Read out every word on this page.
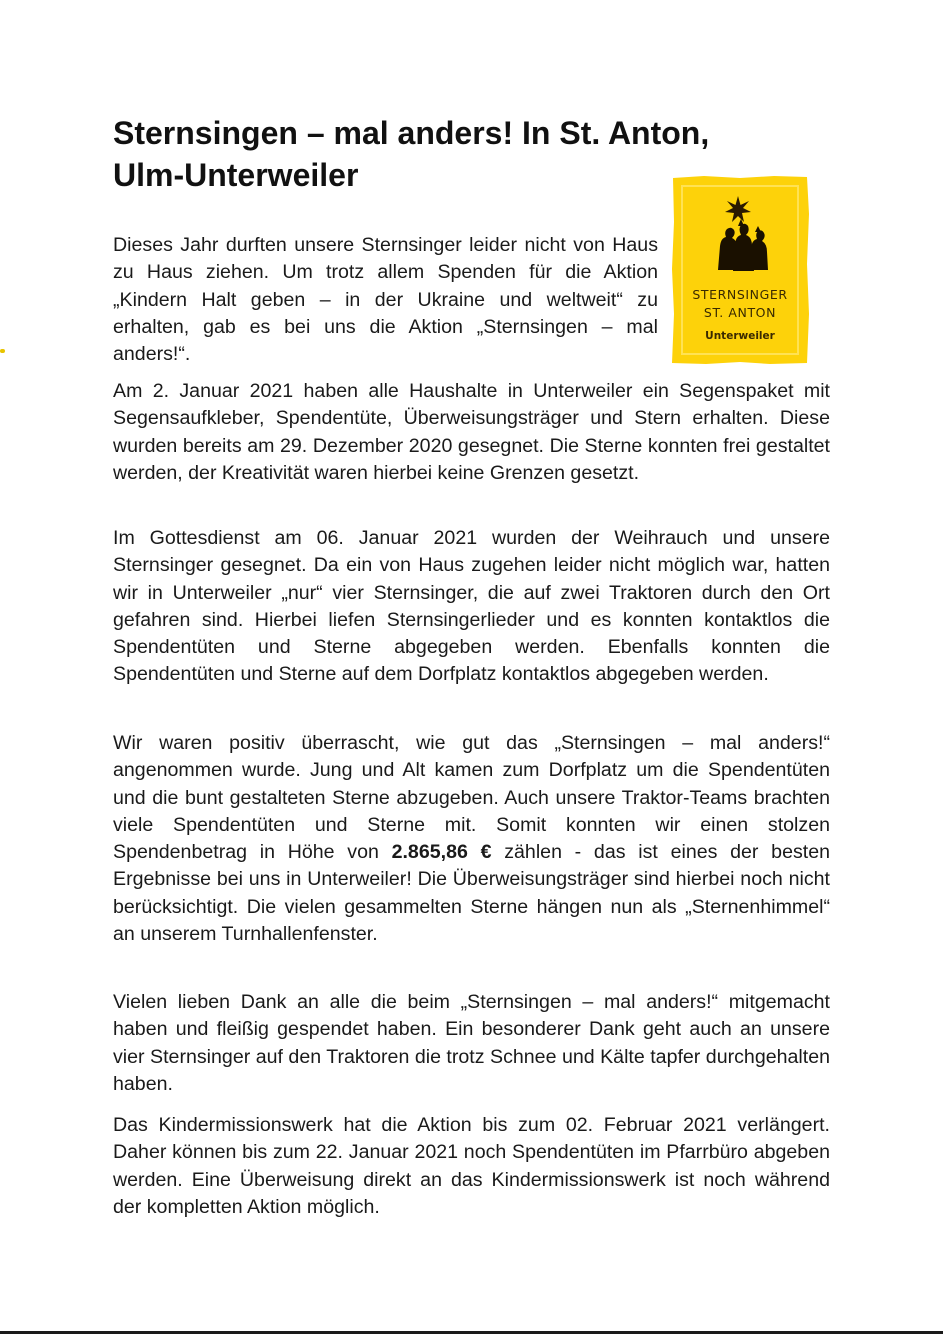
Sternsingen – mal anders! In St. Anton,
Ulm-Unterweiler
STERNSINGER
ST. ANTON
Unterweiler

Dieses Jahr durften unsere Sternsinger leider nicht von Haus zu Haus ziehen. Um trotz allem Spenden für die Aktion „Kindern Halt geben – in der Ukraine und weltweit“ zu erhalten, gab es bei uns die Aktion „Sternsingen – mal anders!“.

Am 2. Januar 2021 haben alle Haushalte in Unterweiler ein Segenspaket mit Segensaufkleber, Spendentüte, Überweisungsträger und Stern erhalten. Diese wurden bereits am 29. Dezember 2020 gesegnet. Die Sterne konnten frei gestaltet werden, der Kreativität waren hierbei keine Grenzen gesetzt.

Im Gottesdienst am 06. Januar 2021 wurden der Weihrauch und unsere Sternsinger gesegnet. Da ein von Haus zugehen leider nicht möglich war, hatten wir in Unterweiler „nur“ vier Sternsinger, die auf zwei Traktoren durch den Ort gefahren sind. Hierbei liefen Sternsingerlieder und es konnten kontaktlos die Spendentüten und Sterne abgegeben werden. Ebenfalls konnten die Spendentüten und Sterne auf dem Dorfplatz kontaktlos abgegeben werden.

Wir waren positiv überrascht, wie gut das „Sternsingen – mal anders!“ angenommen wurde. Jung und Alt kamen zum Dorfplatz um die Spendentüten und die bunt gestalteten Sterne abzugeben. Auch unsere Traktor-Teams brachten viele Spendentüten und Sterne mit. Somit konnten wir einen stolzen Spendenbetrag in Höhe von 2.865,86 € zählen - das ist eines der besten Ergebnisse bei uns in Unterweiler! Die Überweisungsträger sind hierbei noch nicht berücksichtigt. Die vielen gesammelten Sterne hängen nun als „Sternenhimmel“ an unserem Turnhallenfenster.

Vielen lieben Dank an alle die beim „Sternsingen – mal anders!“ mitgemacht haben und fleißig gespendet haben. Ein besonderer Dank geht auch an unsere vier Sternsinger auf den Traktoren die trotz Schnee und Kälte tapfer durchgehalten haben.

Das Kindermissionswerk hat die Aktion bis zum 02. Februar 2021 verlängert. Daher können bis zum 22. Januar 2021 noch Spendentüten im Pfarrbüro abgeben werden. Eine Überweisung direkt an das Kindermissionswerk ist noch während der kompletten Aktion möglich.
